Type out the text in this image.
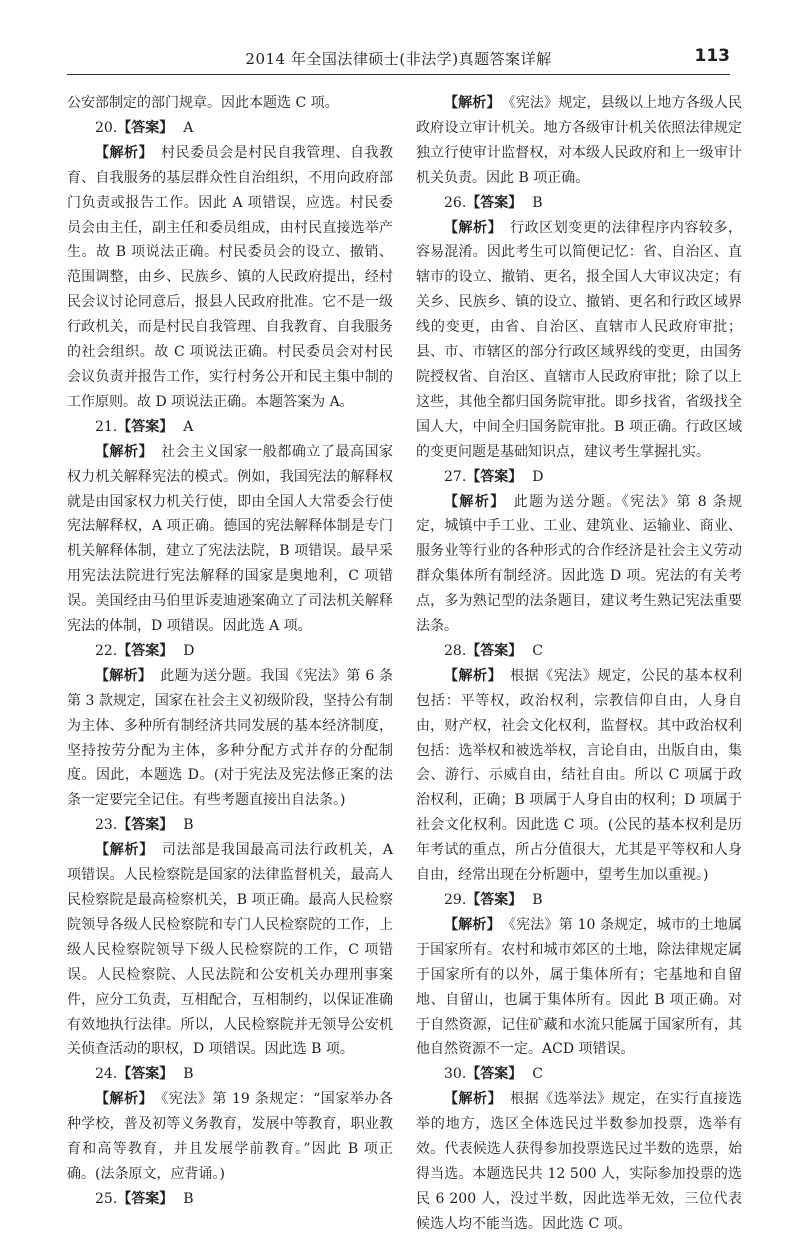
2014 年全国法律硕士(非法学)真题答案详解	113

公安部制定的部门规章。因此本题选 C 项。

20.【答案】 A

【解析】 村民委员会是村民自我管理、自我教育、自我服务的基层群众性自治组织，不用向政府部门负责或报告工作。因此 A 项错误，应选。村民委员会由主任，副主任和委员组成，由村民直接选举产生。故 B 项说法正确。村民委员会的设立、撤销、范围调整，由乡、民族乡、镇的人民政府提出，经村民会议讨论同意后，报县人民政府批准。它不是一级行政机关，而是村民自我管理、自我教育、自我服务的社会组织。故 C 项说法正确。村民委员会对村民会议负责并报告工作，实行村务公开和民主集中制的工作原则。故 D 项说法正确。本题答案为 A。

21.【答案】 A

【解析】 社会主义国家一般都确立了最高国家权力机关解释宪法的模式。例如，我国宪法的解释权就是由国家权力机关行使，即由全国人大常委会行使宪法解释权，A 项正确。德国的宪法解释体制是专门机关解释体制，建立了宪法法院，B 项错误。最早采用宪法法院进行宪法解释的国家是奥地利，C 项错误。美国经由马伯里诉麦迪逊案确立了司法机关解释宪法的体制，D 项错误。因此选 A 项。

22.【答案】 D

【解析】 此题为送分题。我国《宪法》第 6 条第 3 款规定，国家在社会主义初级阶段，坚持公有制为主体、多种所有制经济共同发展的基本经济制度，坚持按劳分配为主体，多种分配方式并存的分配制度。因此，本题选 D。(对于宪法及宪法修正案的法条一定要完全记住。有些考题直接出自法条。)

23.【答案】 B

【解析】 司法部是我国最高司法行政机关，A 项错误。人民检察院是国家的法律监督机关，最高人民检察院是最高检察机关，B 项正确。最高人民检察院领导各级人民检察院和专门人民检察院的工作，上级人民检察院领导下级人民检察院的工作，C 项错误。人民检察院、人民法院和公安机关办理刑事案件，应分工负责，互相配合，互相制约，以保证准确有效地执行法律。所以，人民检察院并无领导公安机关侦查活动的职权，D 项错误。因此选 B 项。

24.【答案】 B

【解析】 《宪法》第 19 条规定：“国家举办各种学校，普及初等义务教育，发展中等教育，职业教育和高等教育，并且发展学前教育。”因此 B 项正确。(法条原文，应背诵。)

25.【答案】 B

【解析】 《宪法》规定，县级以上地方各级人民政府设立审计机关。地方各级审计机关依照法律规定独立行使审计监督权，对本级人民政府和上一级审计机关负责。因此 B 项正确。

26.【答案】 B

【解析】 行政区划变更的法律程序内容较多，容易混淆。因此考生可以简便记忆：省、自治区、直辖市的设立、撤销、更名，报全国人大审议决定；有关乡、民族乡、镇的设立、撤销、更名和行政区域界线的变更，由省、自治区、直辖市人民政府审批；县、市、市辖区的部分行政区域界线的变更，由国务院授权省、自治区、直辖市人民政府审批；除了以上这些，其他全都归国务院审批。即乡找省，省级找全国人大，中间全归国务院审批。B 项正确。行政区域的变更问题是基础知识点，建议考生掌握扎实。

27.【答案】 D

【解析】 此题为送分题。《宪法》第 8 条规定，城镇中手工业、工业、建筑业、运输业、商业、服务业等行业的各种形式的合作经济是社会主义劳动群众集体所有制经济。因此选 D 项。宪法的有关考点，多为熟记型的法条题目，建议考生熟记宪法重要法条。

28.【答案】 C

【解析】 根据《宪法》规定，公民的基本权利包括：平等权，政治权利，宗教信仰自由，人身自由，财产权，社会文化权利，监督权。其中政治权利包括：选举权和被选举权，言论自由，出版自由，集会、游行、示威自由，结社自由。所以 C 项属于政治权利，正确；B 项属于人身自由的权利；D 项属于社会文化权利。因此选 C 项。(公民的基本权利是历年考试的重点，所占分值很大，尤其是平等权和人身自由，经常出现在分析题中，望考生加以重视。)

29.【答案】 B

【解析】 《宪法》第 10 条规定，城市的土地属于国家所有。农村和城市郊区的土地，除法律规定属于国家所有的以外，属于集体所有；宅基地和自留地、自留山，也属于集体所有。因此 B 项正确。对于自然资源，记住矿藏和水流只能属于国家所有，其他自然资源不一定。ACD 项错误。

30.【答案】 C

【解析】 根据《选举法》规定，在实行直接选举的地方，选区全体选民过半数参加投票，选举有效。代表候选人获得参加投票选民过半数的选票，始得当选。本题选民共 12 500 人，实际参加投票的选民 6 200 人，没过半数，因此选举无效，三位代表候选人均不能当选。因此选 C 项。
